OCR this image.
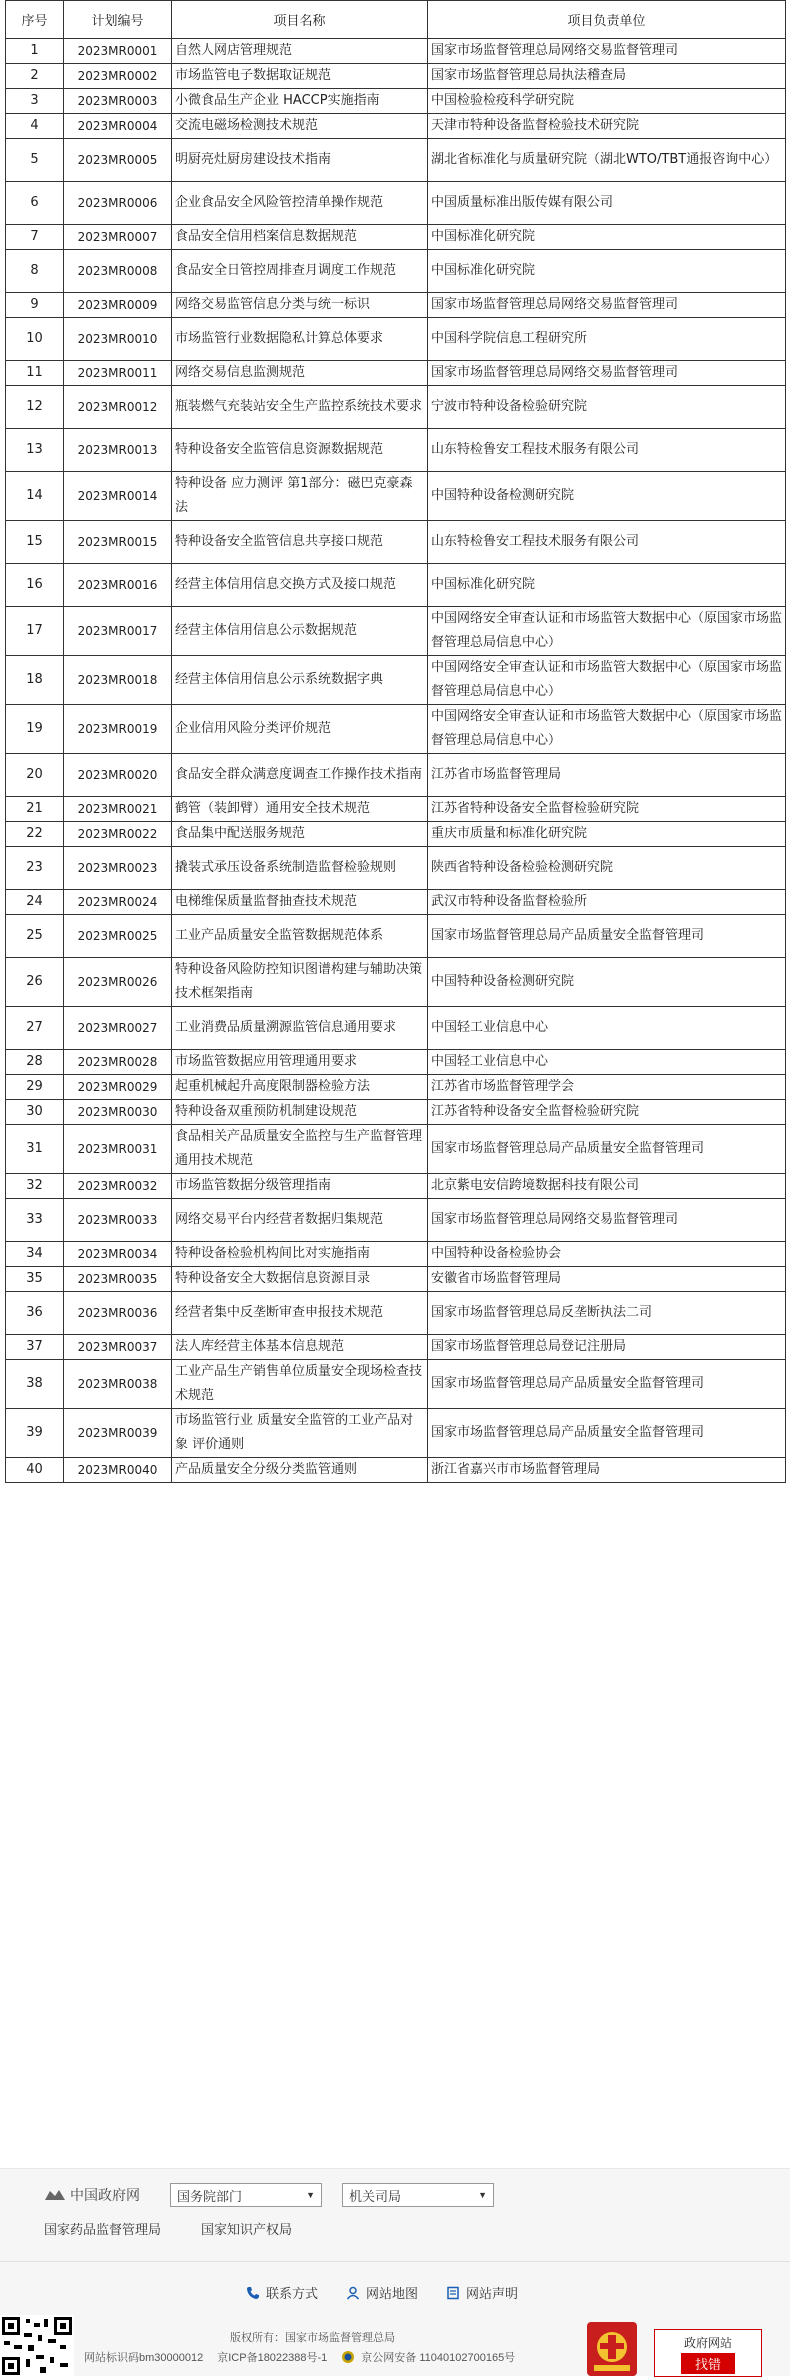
序号	计划编号	项目名称	项目负责单位
1	2023MR0001	自然人网店管理规范	国家市场监督管理总局网络交易监督管理司
2	2023MR0002	市场监管电子数据取证规范	国家市场监督管理总局执法稽查局
3	2023MR0003	小微食品生产企业 HACCP实施指南	中国检验检疫科学研究院
4	2023MR0004	交流电磁场检测技术规范	天津市特种设备监督检验技术研究院
5	2023MR0005	明厨亮灶厨房建设技术指南	湖北省标准化与质量研究院（湖北WTO/TBT通报咨询中心）
6	2023MR0006	企业食品安全风险管控清单操作规范	中国质量标准出版传媒有限公司
7	2023MR0007	食品安全信用档案信息数据规范	中国标准化研究院
8	2023MR0008	食品安全日管控周排查月调度工作规范	中国标准化研究院
9	2023MR0009	网络交易监管信息分类与统一标识	国家市场监督管理总局网络交易监督管理司
10	2023MR0010	市场监管行业数据隐私计算总体要求	中国科学院信息工程研究所
11	2023MR0011	网络交易信息监测规范	国家市场监督管理总局网络交易监督管理司
12	2023MR0012	瓶装燃气充装站安全生产监控系统技术要求	宁波市特种设备检验研究院
13	2023MR0013	特种设备安全监管信息资源数据规范	山东特检鲁安工程技术服务有限公司
14	2023MR0014	特种设备 应力测评 第1部分：磁巴克豪森法	中国特种设备检测研究院
15	2023MR0015	特种设备安全监管信息共享接口规范	山东特检鲁安工程技术服务有限公司
16	2023MR0016	经营主体信用信息交换方式及接口规范	中国标准化研究院
17	2023MR0017	经营主体信用信息公示数据规范	中国网络安全审查认证和市场监管大数据中心（原国家市场监督管理总局信息中心）
18	2023MR0018	经营主体信用信息公示系统数据字典	中国网络安全审查认证和市场监管大数据中心（原国家市场监督管理总局信息中心）
19	2023MR0019	企业信用风险分类评价规范	中国网络安全审查认证和市场监管大数据中心（原国家市场监督管理总局信息中心）
20	2023MR0020	食品安全群众满意度调查工作操作技术指南	江苏省市场监督管理局
21	2023MR0021	鹤管（装卸臂）通用安全技术规范	江苏省特种设备安全监督检验研究院
22	2023MR0022	食品集中配送服务规范	重庆市质量和标准化研究院
23	2023MR0023	撬装式承压设备系统制造监督检验规则	陕西省特种设备检验检测研究院
24	2023MR0024	电梯维保质量监督抽查技术规范	武汉市特种设备监督检验所
25	2023MR0025	工业产品质量安全监管数据规范体系	国家市场监督管理总局产品质量安全监督管理司
26	2023MR0026	特种设备风险防控知识图谱构建与辅助决策技术框架指南	中国特种设备检测研究院
27	2023MR0027	工业消费品质量溯源监管信息通用要求	中国轻工业信息中心
28	2023MR0028	市场监管数据应用管理通用要求	中国轻工业信息中心
29	2023MR0029	起重机械起升高度限制器检验方法	江苏省市场监督管理学会
30	2023MR0030	特种设备双重预防机制建设规范	江苏省特种设备安全监督检验研究院
31	2023MR0031	食品相关产品质量安全监控与生产监督管理通用技术规范	国家市场监督管理总局产品质量安全监督管理司
32	2023MR0032	市场监管数据分级管理指南	北京紫电安信跨境数据科技有限公司
33	2023MR0033	网络交易平台内经营者数据归集规范	国家市场监督管理总局网络交易监督管理司
34	2023MR0034	特种设备检验机构间比对实施指南	中国特种设备检验协会
35	2023MR0035	特种设备安全大数据信息资源目录	安徽省市场监督管理局
36	2023MR0036	经营者集中反垄断审查申报技术规范	国家市场监督管理总局反垄断执法二司
37	2023MR0037	法人库经营主体基本信息规范	国家市场监督管理总局登记注册局
38	2023MR0038	工业产品生产销售单位质量安全现场检查技术规范	国家市场监督管理总局产品质量安全监督管理司
39	2023MR0039	市场监管行业 质量安全监管的工业产品对象 评价通则	国家市场监督管理总局产品质量安全监督管理司
40	2023MR0040	产品质量安全分级分类监管通则	浙江省嘉兴市市场监督管理局
中国政府网	国务院部门	▼	机关司局	▼
国家药品监督管理局	国家知识产权局
联系方式	网站地图	网站声明
版权所有：国家市场监督管理总局
网站标识码bm30000012 京ICP备18022388号-1	京公网安备 11040102700165号
政府网站
找错
